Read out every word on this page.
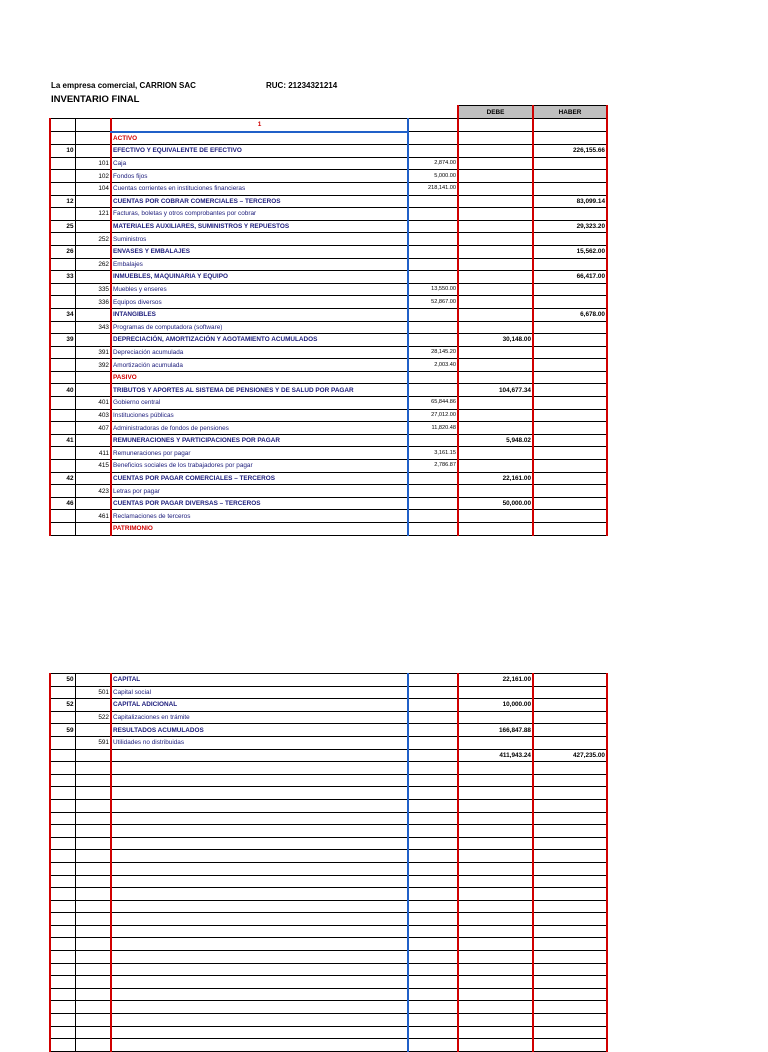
La empresa comercial, CARRION SAC	RUC: 21234321214
INVENTARIO FINAL
				DEBE	HABER
		1			
		ACTIVO			
10		EFECTIVO Y EQUIVALENTE DE EFECTIVO			226,155.66
	101	Caja	2,874.00		
	102	Fondos fijos	5,000.00		
	104	Cuentas corrientes en instituciones financieras	218,141.00		
12		CUENTAS POR COBRAR COMERCIALES – TERCEROS			83,099.14
	121	Facturas, boletas y otros comprobantes por cobrar			
25		MATERIALES AUXILIARES, SUMINISTROS Y REPUESTOS			29,323.20
	252	Suministros			
26		ENVASES Y EMBALAJES			15,562.00
	262	Embalajes			
33		INMUEBLES, MAQUINARIA Y EQUIPO			66,417.00
	335	Muebles y enseres	13,550.00		
	336	Equipos diversos	52,867.00		
34		INTANGIBLES			6,678.00
	343	Programas de computadora (software)			
39		DEPRECIACIÓN, AMORTIZACIÓN Y AGOTAMIENTO ACUMULADOS		30,148.00	
	391	Depreciación acumulada	28,145.20		
	392	Amortización acumulada	2,003.40		
		PASIVO			
40		TRIBUTOS Y APORTES AL SISTEMA DE PENSIONES Y DE SALUD POR PAGAR		104,677.34	
	401	Gobierno central	65,844.86		
	403	Instituciones públicas	27,012.00		
	407	Administradoras de fondos de pensiones	11,820.48		
41		REMUNERACIONES Y PARTICIPACIONES POR PAGAR		5,948.02	
	411	Remuneraciones por pagar	3,161.15		
	415	Beneficios sociales de los trabajadores por pagar	2,786.87		
42		CUENTAS POR PAGAR COMERCIALES – TERCEROS		22,161.00	
	423	Letras por pagar			
46		CUENTAS POR PAGAR DIVERSAS – TERCEROS		50,000.00	
	461	Reclamaciones de terceros			
		PATRIMONIO			
50		CAPITAL		22,161.00	
	501	Capital social			
52		CAPITAL ADICIONAL		10,000.00	
	522	Capitalizaciones en trámite			
59		RESULTADOS ACUMULADOS		166,847.88	
	591	Utilidades no distribuidas			
				411,943.24	427,235.00
